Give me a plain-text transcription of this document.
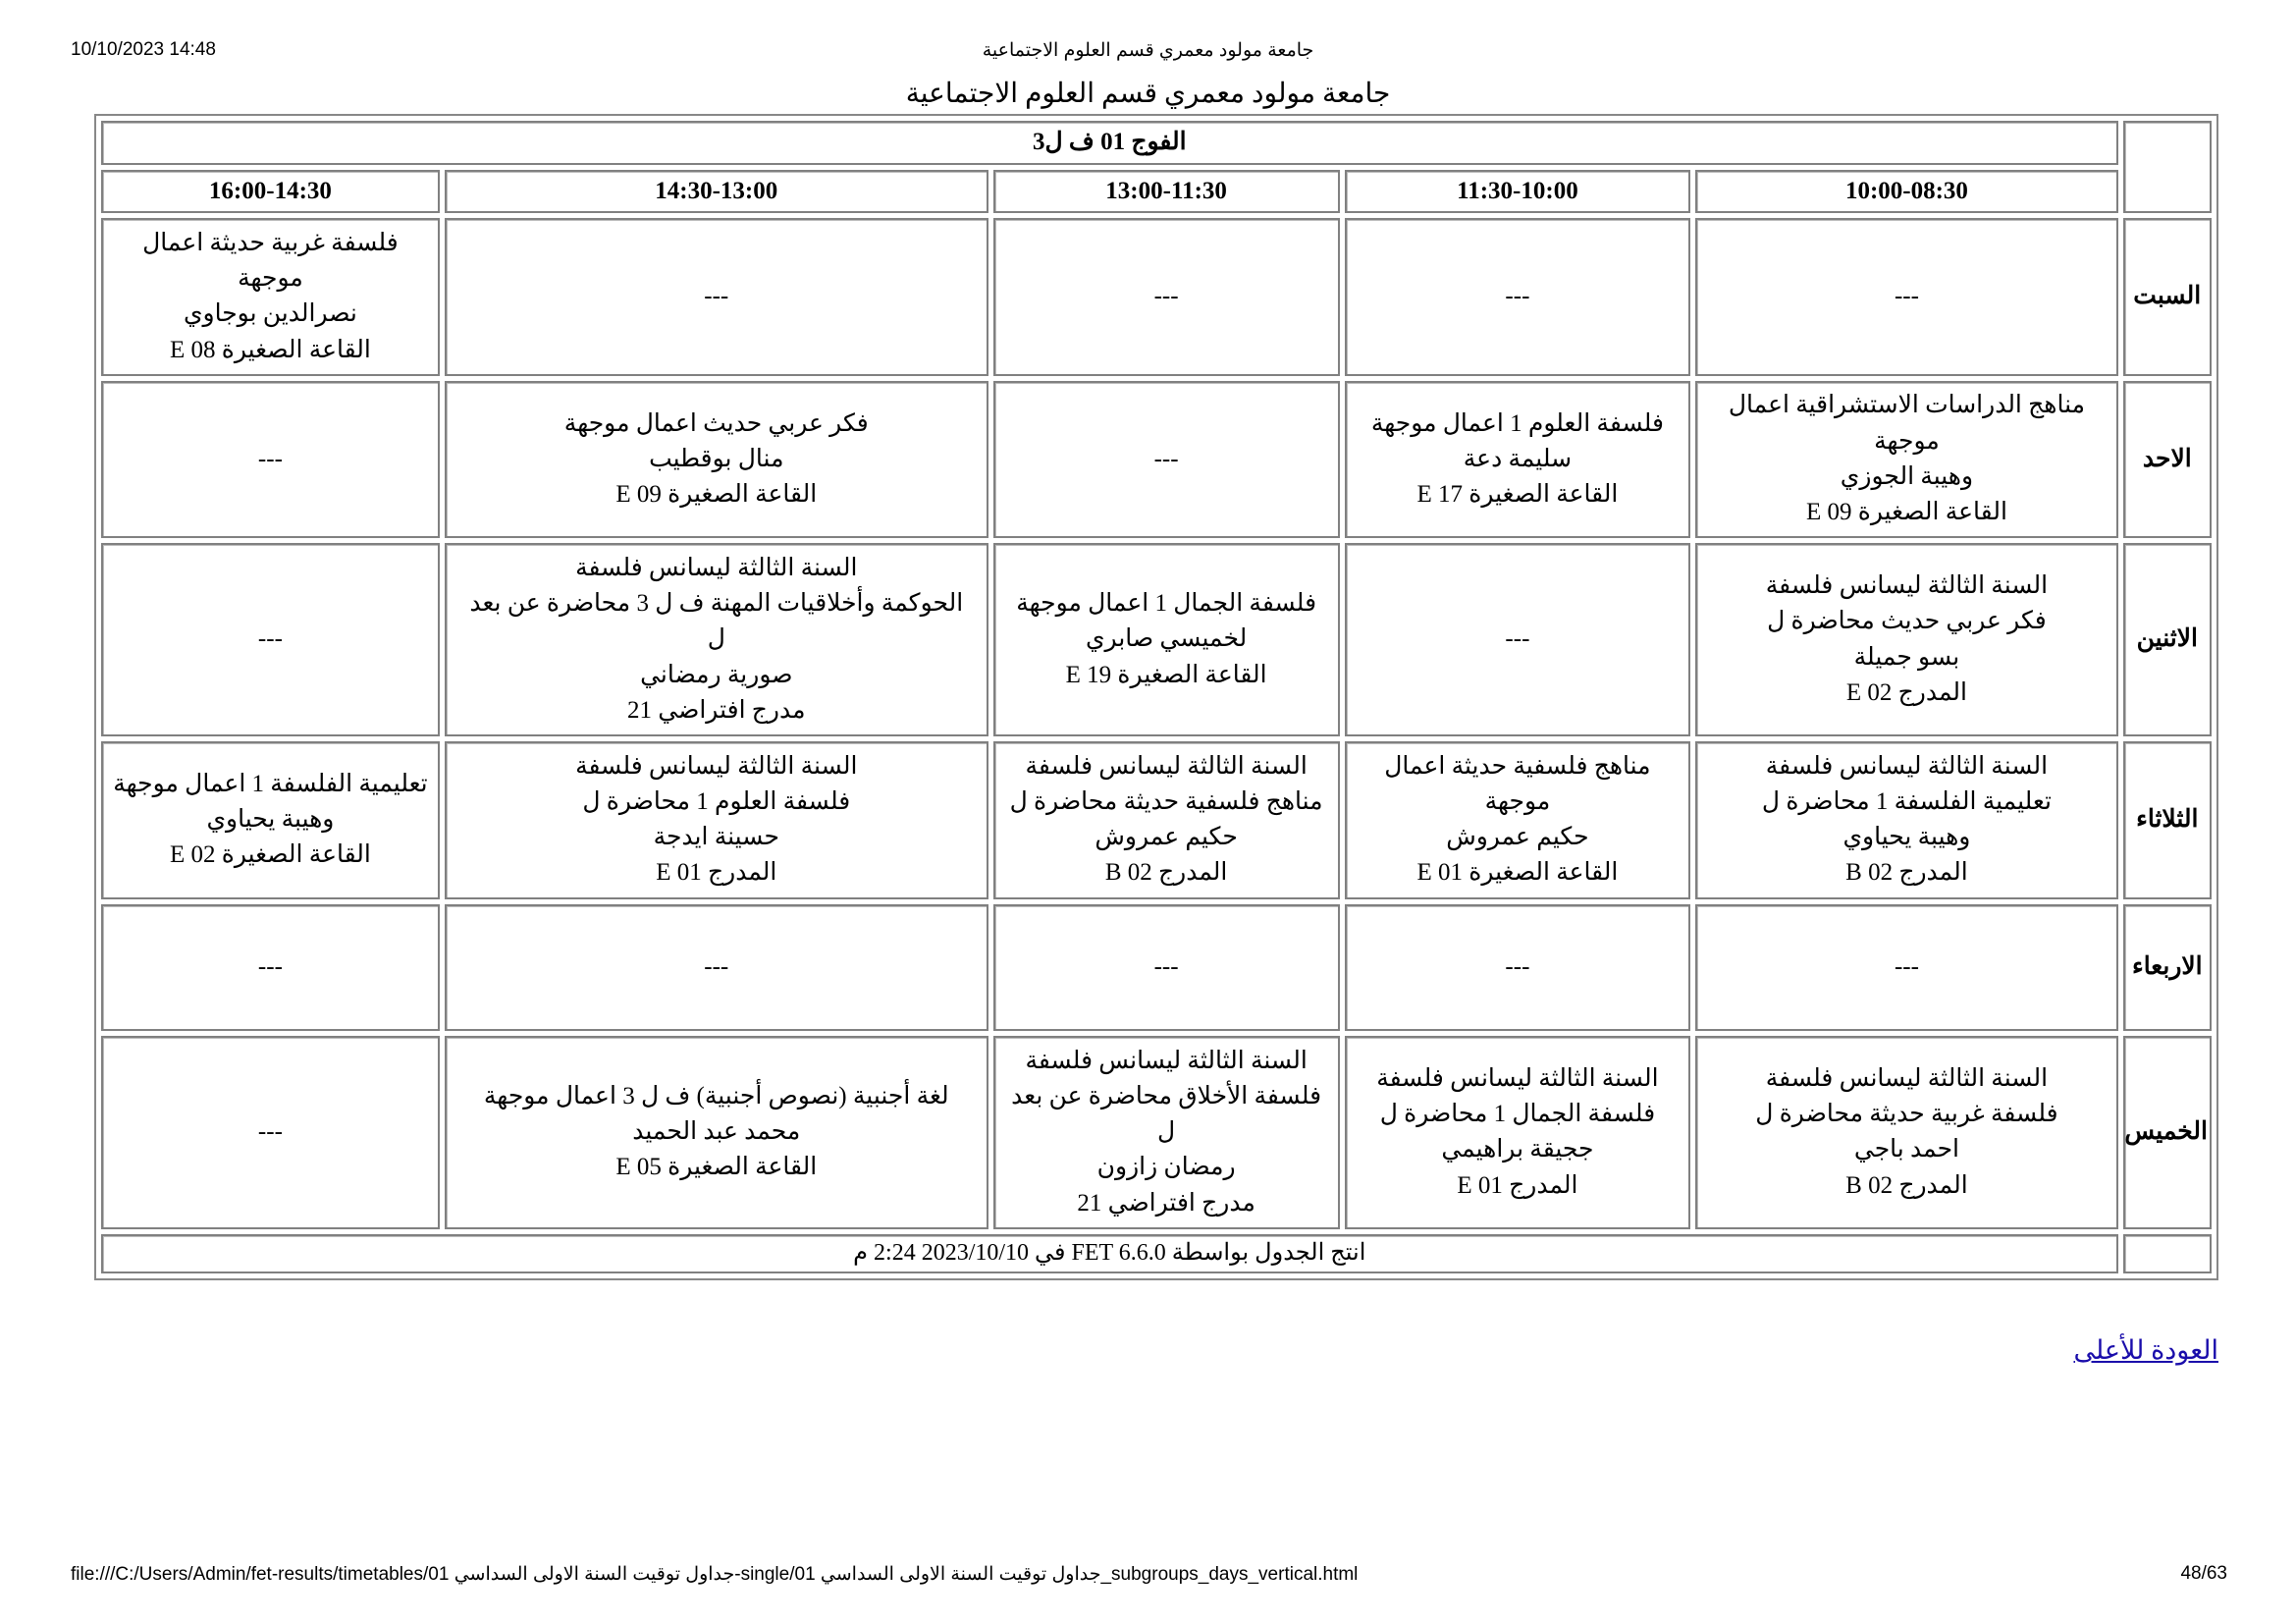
10/10/2023 14:48	جامعة مولود معمري قسم العلوم الاجتماعية
جامعة مولود معمري قسم العلوم الاجتماعية
	الفوج 01 ف ل3				
	10:00-08:30	11:30-10:00	13:00-11:30	14:30-13:00	16:00-14:30
السبت	---	---	---	---	فلسفة غربية حديثة اعمال
موجهة
نصرالدين بوجاوي
القاعة الصغيرة E 08

الاحد	مناهج الدراسات الاستشراقية اعمال
موجهة
وهيبة الجوزي
القاعة الصغيرة E 09	فلسفة العلوم 1 اعمال موجهة
سليمة دعة
القاعة الصغيرة E 17	---	فكر عربي حديث اعمال موجهة
منال بوقطيب
القاعة الصغيرة E 09	---

الاثنين	السنة الثالثة ليسانس فلسفة
فكر عربي حديث محاضرة ل
بسو جميلة
المدرج E 02	---	فلسفة الجمال 1 اعمال موجهة
لخميسي صابري
القاعة الصغيرة E 19	السنة الثالثة ليسانس فلسفة
الحوكمة وأخلاقيات المهنة ف ل 3 محاضرة عن بعد
ل
صورية رمضاني
مدرج افتراضي 21	---

الثلاثاء	السنة الثالثة ليسانس فلسفة
تعليمية الفلسفة 1 محاضرة ل
وهيبة يحياوي
المدرج B 02	مناهج فلسفية حديثة اعمال
موجهة
حكيم عمروش
القاعة الصغيرة E 01	السنة الثالثة ليسانس فلسفة
مناهج فلسفية حديثة محاضرة ل
حكيم عمروش
المدرج B 02	السنة الثالثة ليسانس فلسفة
فلسفة العلوم 1 محاضرة ل
حسينة ايدجة
المدرج E 01	تعليمية الفلسفة 1 اعمال موجهة
وهيبة يحياوي
القاعة الصغيرة E 02

الاربعاء	---	---	---	---	---

الخميس	السنة الثالثة ليسانس فلسفة
فلسفة غربية حديثة محاضرة ل
احمد باجي
المدرج B 02	السنة الثالثة ليسانس فلسفة
فلسفة الجمال 1 محاضرة ل
ججيقة براهيمي
المدرج E 01	السنة الثالثة ليسانس فلسفة
فلسفة الأخلاق محاضرة عن بعد
ل
رمضان زازون
مدرج افتراضي 21	لغة أجنبية (نصوص أجنبية) ف ل 3 اعمال موجهة
محمد عبد الحميد
القاعة الصغيرة E 05	---

	انتج الجدول بواسطة FET 6.6.0 في 2023/10/10 2:24 م				
العودة للأعلى
file:///C:/Users/Admin/fet-results/timetables/01 جداول توقيت السنة الاولى السداسي-single/01 جداول توقيت السنة الاولى السداسي_subgroups_days_vertical.html	48/63
